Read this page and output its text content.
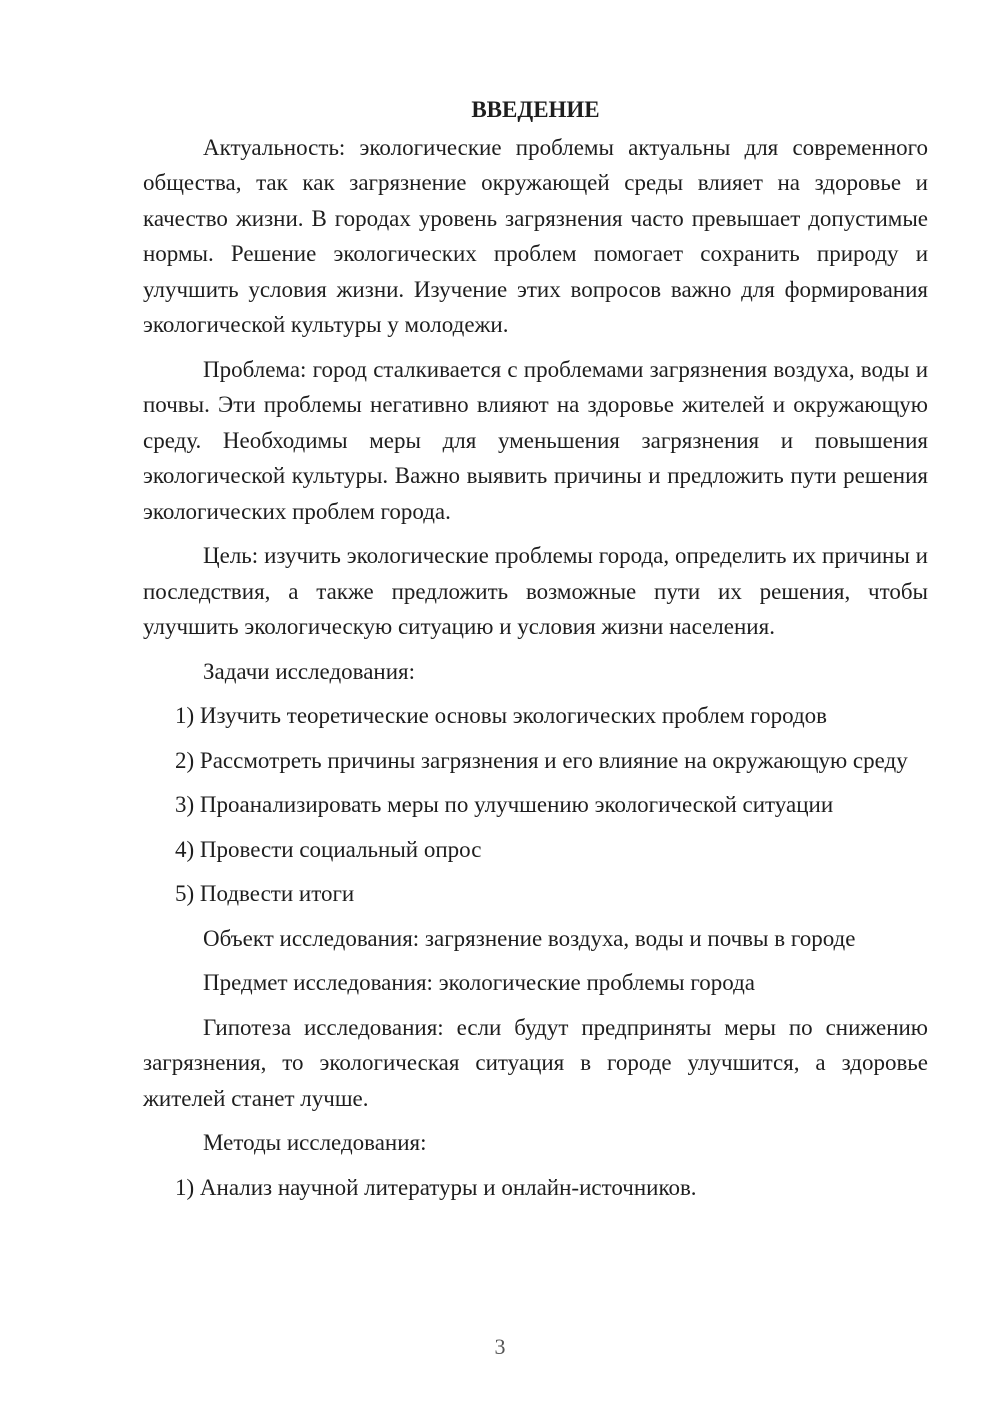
ВВЕДЕНИЕ

Актуальность: экологические проблемы актуальны для современного общества, так как загрязнение окружающей среды влияет на здоровье и качество жизни. В городах уровень загрязнения часто превышает допустимые нормы. Решение экологических проблем помогает сохранить природу и улучшить условия жизни. Изучение этих вопросов важно для формирования экологической культуры у молодежи.

Проблема: город сталкивается с проблемами загрязнения воздуха, воды и почвы. Эти проблемы негативно влияют на здоровье жителей и окружающую среду. Необходимы меры для уменьшения загрязнения и повышения экологической культуры. Важно выявить причины и предложить пути решения экологических проблем города.

Цель: изучить экологические проблемы города, определить их причины и последствия, а также предложить возможные пути их решения, чтобы улучшить экологическую ситуацию и условия жизни населения.

Задачи исследования:

1) Изучить теоретические основы экологических проблем городов

2) Рассмотреть причины загрязнения и его влияние на окружающую среду

3) Проанализировать меры по улучшению экологической ситуации

4) Провести социальный опрос

5) Подвести итоги

Объект исследования: загрязнение воздуха, воды и почвы в городе

Предмет исследования: экологические проблемы города

Гипотеза исследования: если будут предприняты меры по снижению загрязнения, то экологическая ситуация в городе улучшится, а здоровье жителей станет лучше.

Методы исследования:

1) Анализ научной литературы и онлайн-источников.

3
